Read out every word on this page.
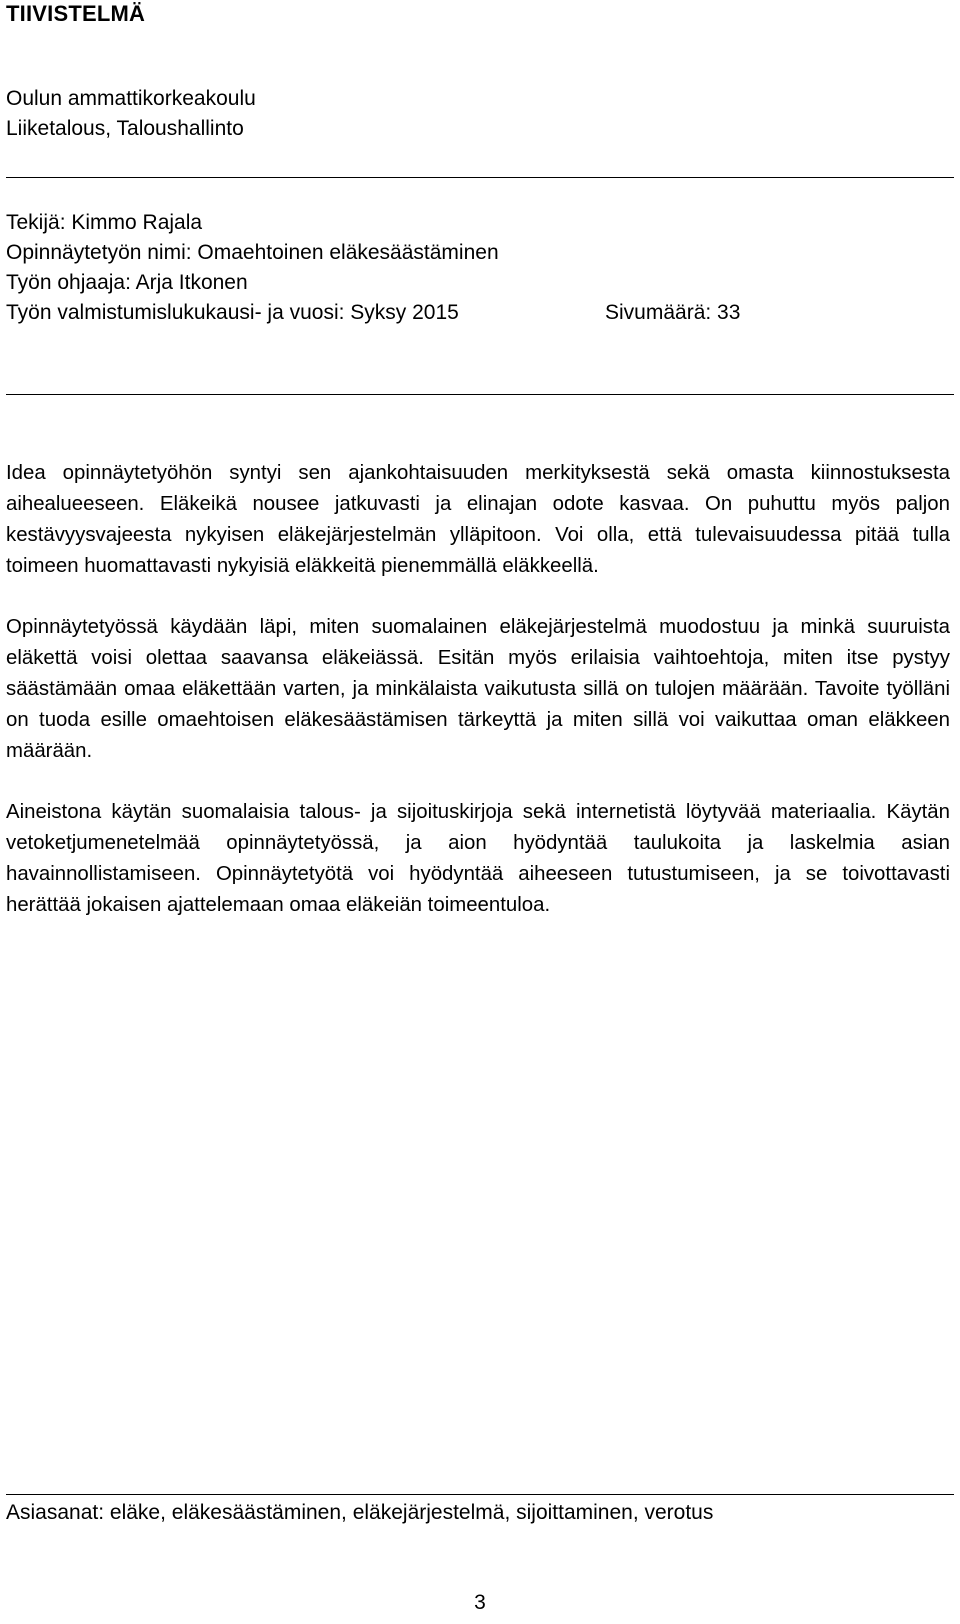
TIIVISTELMÄ
Oulun ammattikorkeakoulu
Liiketalous, Taloushallinto
Tekijä: Kimmo Rajala
Opinnäytetyön nimi: Omaehtoinen eläkesäästäminen
Työn ohjaaja: Arja Itkonen
Työn valmistumislukukausi- ja vuosi: Syksy 2015	Sivumäärä: 33

Idea opinnäytetyöhön syntyi sen ajankohtaisuuden merkityksestä sekä omasta kiinnostuksesta aihealueeseen. Eläkeikä nousee jatkuvasti ja elinajan odote kasvaa. On puhuttu myös paljon kestävyysvajeesta nykyisen eläkejärjestelmän ylläpitoon. Voi olla, että tulevaisuudessa pitää tulla toimeen huomattavasti nykyisiä eläkkeitä pienemmällä eläkkeellä.

Opinnäytetyössä käydään läpi, miten suomalainen eläkejärjestelmä muodostuu ja minkä suuruista eläkettä voisi olettaa saavansa eläkeiässä. Esitän myös erilaisia vaihtoehtoja, miten itse pystyy säästämään omaa eläkettään varten, ja minkälaista vaikutusta sillä on tulojen määrään. Tavoite työlläni on tuoda esille omaehtoisen eläkesäästämisen tärkeyttä ja miten sillä voi vaikuttaa oman eläkkeen määrään.

Aineistona käytän suomalaisia talous- ja sijoituskirjoja sekä internetistä löytyvää materiaalia. Käytän vetoketjumenetelmää opinnäytetyössä, ja aion hyödyntää taulukoita ja laskelmia asian havainnollistamiseen. Opinnäytetyötä voi hyödyntää aiheeseen tutustumiseen, ja se toivottavasti herättää jokaisen ajattelemaan omaa eläkeiän toimeentuloa.

Asiasanat: eläke, eläkesäästäminen, eläkejärjestelmä, sijoittaminen, verotus
3
